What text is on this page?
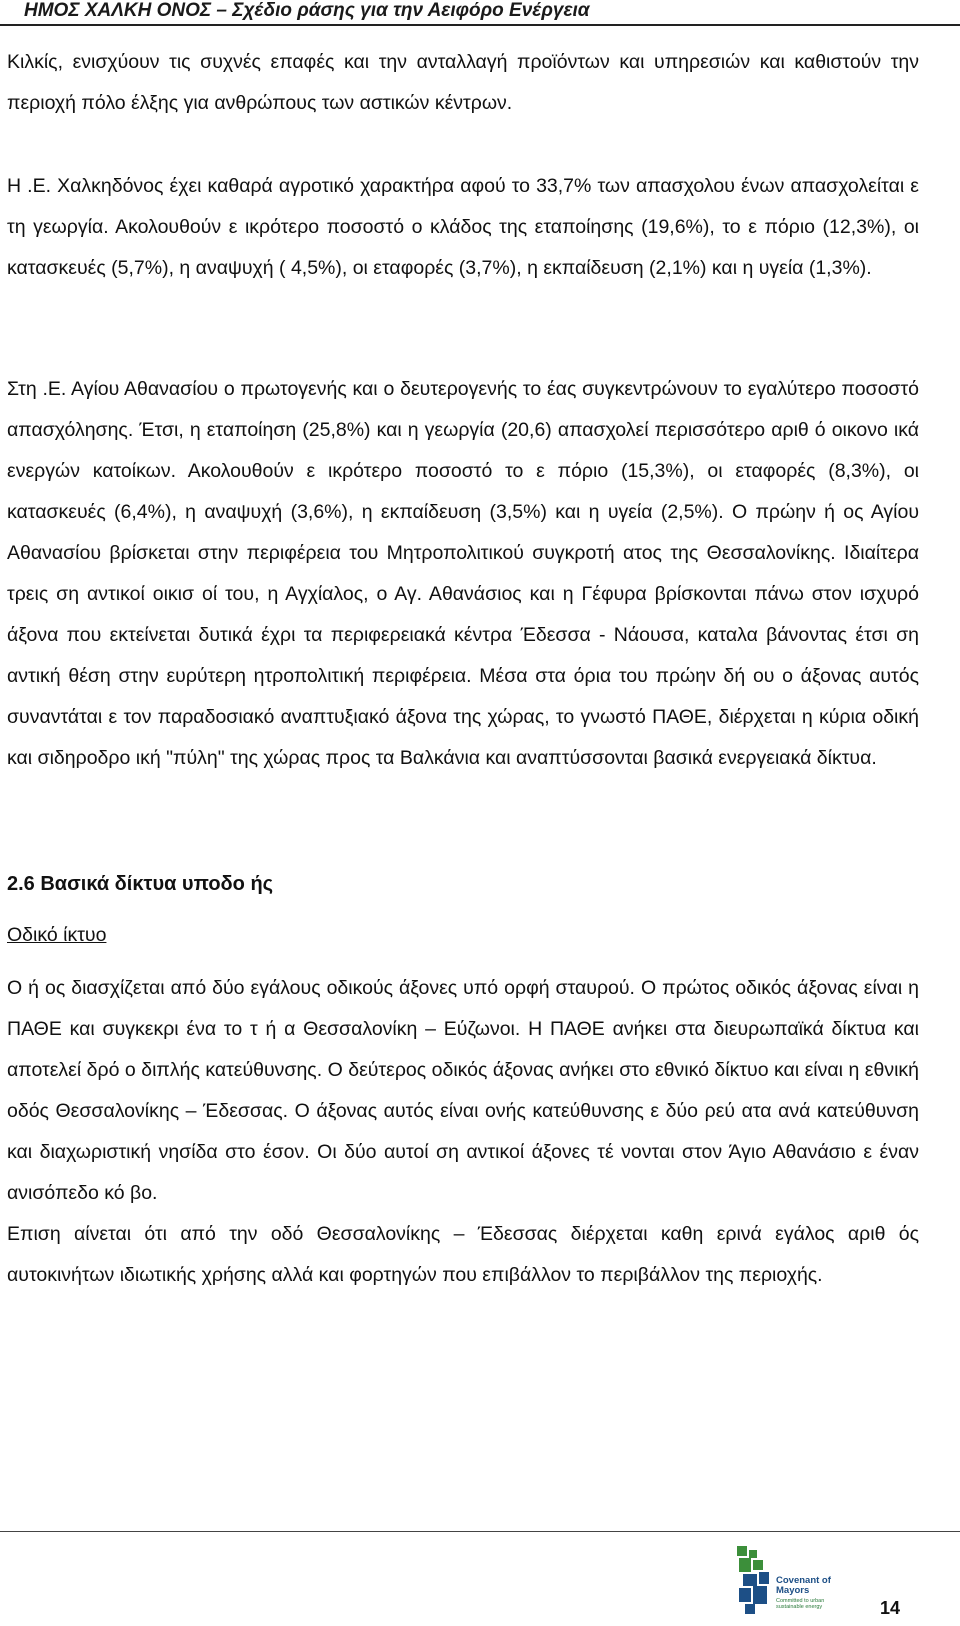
ΗΜΟΣ ΧΑΛΚΗ ΟΝΟΣ – Σχέδιο ράσης για την Αειφόρο Ενέργεια

Κιλκίς, ενισχύουν τις συχνές επαφές και την ανταλλαγή προϊόντων και υπηρεσιών και καθιστούν την περιοχή πόλο έλξης για ανθρώπους των αστικών κέντρων.

Η .Ε. Χαλκηδόνος έχει καθαρά αγροτικό χαρακτήρα αφού το 33,7% των απασχολου ένων απασχολείται ε τη γεωργία. Ακολουθούν ε ικρότερο ποσοστό ο κλάδος της εταποίησης (19,6%), το ε πόριο (12,3%), οι κατασκευές (5,7%), η αναψυχή ( 4,5%), οι εταφορές (3,7%), η εκπαίδευση (2,1%) και η υγεία (1,3%).

Στη .Ε. Αγίου Αθανασίου ο πρωτογενής και ο δευτερογενής το έας συγκεντρώνουν το εγαλύτερο ποσοστό απασχόλησης. Έτσι, η εταποίηση (25,8%) και η γεωργία (20,6) απασχολεί περισσότερο αριθ ό οικονο ικά ενεργών κατοίκων. Ακολουθούν ε ικρότερο ποσοστό το ε πόριο (15,3%), οι εταφορές (8,3%), οι κατασκευές (6,4%), η αναψυχή (3,6%), η εκπαίδευση (3,5%) και η υγεία (2,5%). Ο πρώην ή ος Αγίου Αθανασίου βρίσκεται στην περιφέρεια του Μητροπολιτικού συγκροτή ατος της Θεσσαλονίκης. Ιδιαίτερα τρεις ση αντικοί οικισ οί του, η Αγχίαλος, ο Αγ. Αθανάσιος και η Γέφυρα βρίσκονται πάνω στον ισχυρό άξονα που εκτείνεται δυτικά έχρι τα περιφερειακά κέντρα Έδεσσα - Νάουσα, καταλα βάνοντας έτσι ση αντική θέση στην ευρύτερη ητροπολιτική περιφέρεια. Μέσα στα όρια του πρώην δή ου ο άξονας αυτός συναντάται ε τον παραδοσιακό αναπτυξιακό άξονα της χώρας, το γνωστό ΠΑΘΕ, διέρχεται η κύρια οδική και σιδηροδρο ική "πύλη" της χώρας προς τα Βαλκάνια και αναπτύσσονται βασικά ενεργειακά δίκτυα.

2.6 Βασικά δίκτυα υποδο ής
Οδικό ίκτυο

Ο ή ος διασχίζεται από δύο εγάλους οδικούς άξονες υπό ορφή σταυρού. Ο πρώτος οδικός άξονας είναι η ΠΑΘΕ και συγκεκρι ένα το τ ή α Θεσσαλονίκη – Εύζωνοι. Η ΠΑΘΕ ανήκει στα διευρωπαϊκά δίκτυα και αποτελεί δρό ο διπλής κατεύθυνσης. Ο δεύτερος οδικός άξονας ανήκει στο εθνικό δίκτυο και είναι η εθνική οδός Θεσσαλονίκης – Έδεσσας. Ο άξονας αυτός είναι ονής κατεύθυνσης ε δύο ρεύ ατα ανά κατεύθυνση και διαχωριστική νησίδα στο έσον. Οι δύο αυτοί ση αντικοί άξονες τέ νονται στον Άγιο Αθανάσιο ε έναν ανισόπεδο κό βο.

Επιση αίνεται ότι από την οδό Θεσσαλονίκης – Έδεσσας διέρχεται καθη ερινά εγάλος αριθ ός αυτοκινήτων ιδιωτικής χρήσης αλλά και φορτηγών που επιβάλλον το περιβάλλον της περιοχής.

Covenant of Mayors
Committed to urban sustainable energy	14
